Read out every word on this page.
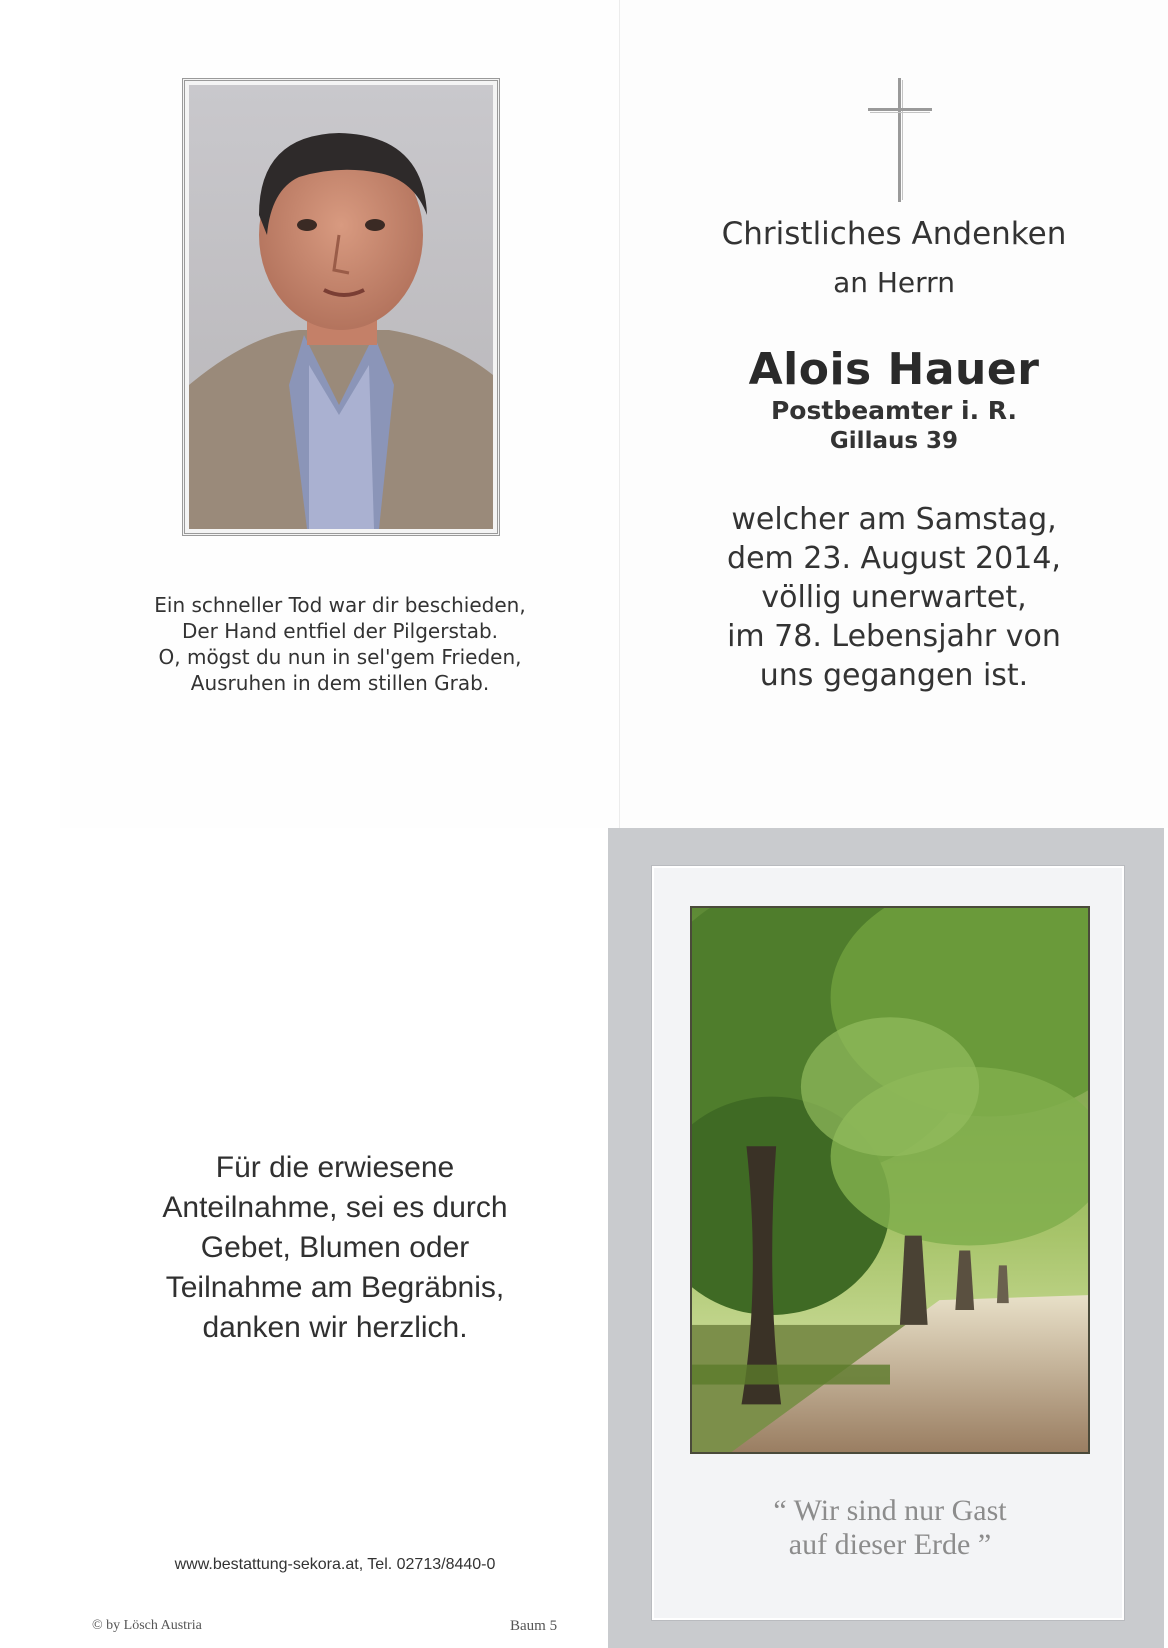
Ein schneller Tod war dir beschieden,
Der Hand entfiel der Pilgerstab.
O, mögst du nun in sel'gem Frieden,
Ausruhen in dem stillen Grab.
Christliches Andenken
an Herrn
Alois Hauer
Postbeamter i. R.
Gillaus 39
welcher am Samstag,
dem 23. August 2014,
völlig unerwartet,
im 78. Lebensjahr von
uns gegangen ist.
Für die erwiesene
Anteilnahme, sei es durch
Gebet, Blumen oder
Teilnahme am Begräbnis,
danken wir herzlich.
www.bestattung-sekora.at, Tel. 02713/8440-0
© by Lösch Austria	Baum 5
“ Wir sind nur Gast
auf dieser Erde ”
